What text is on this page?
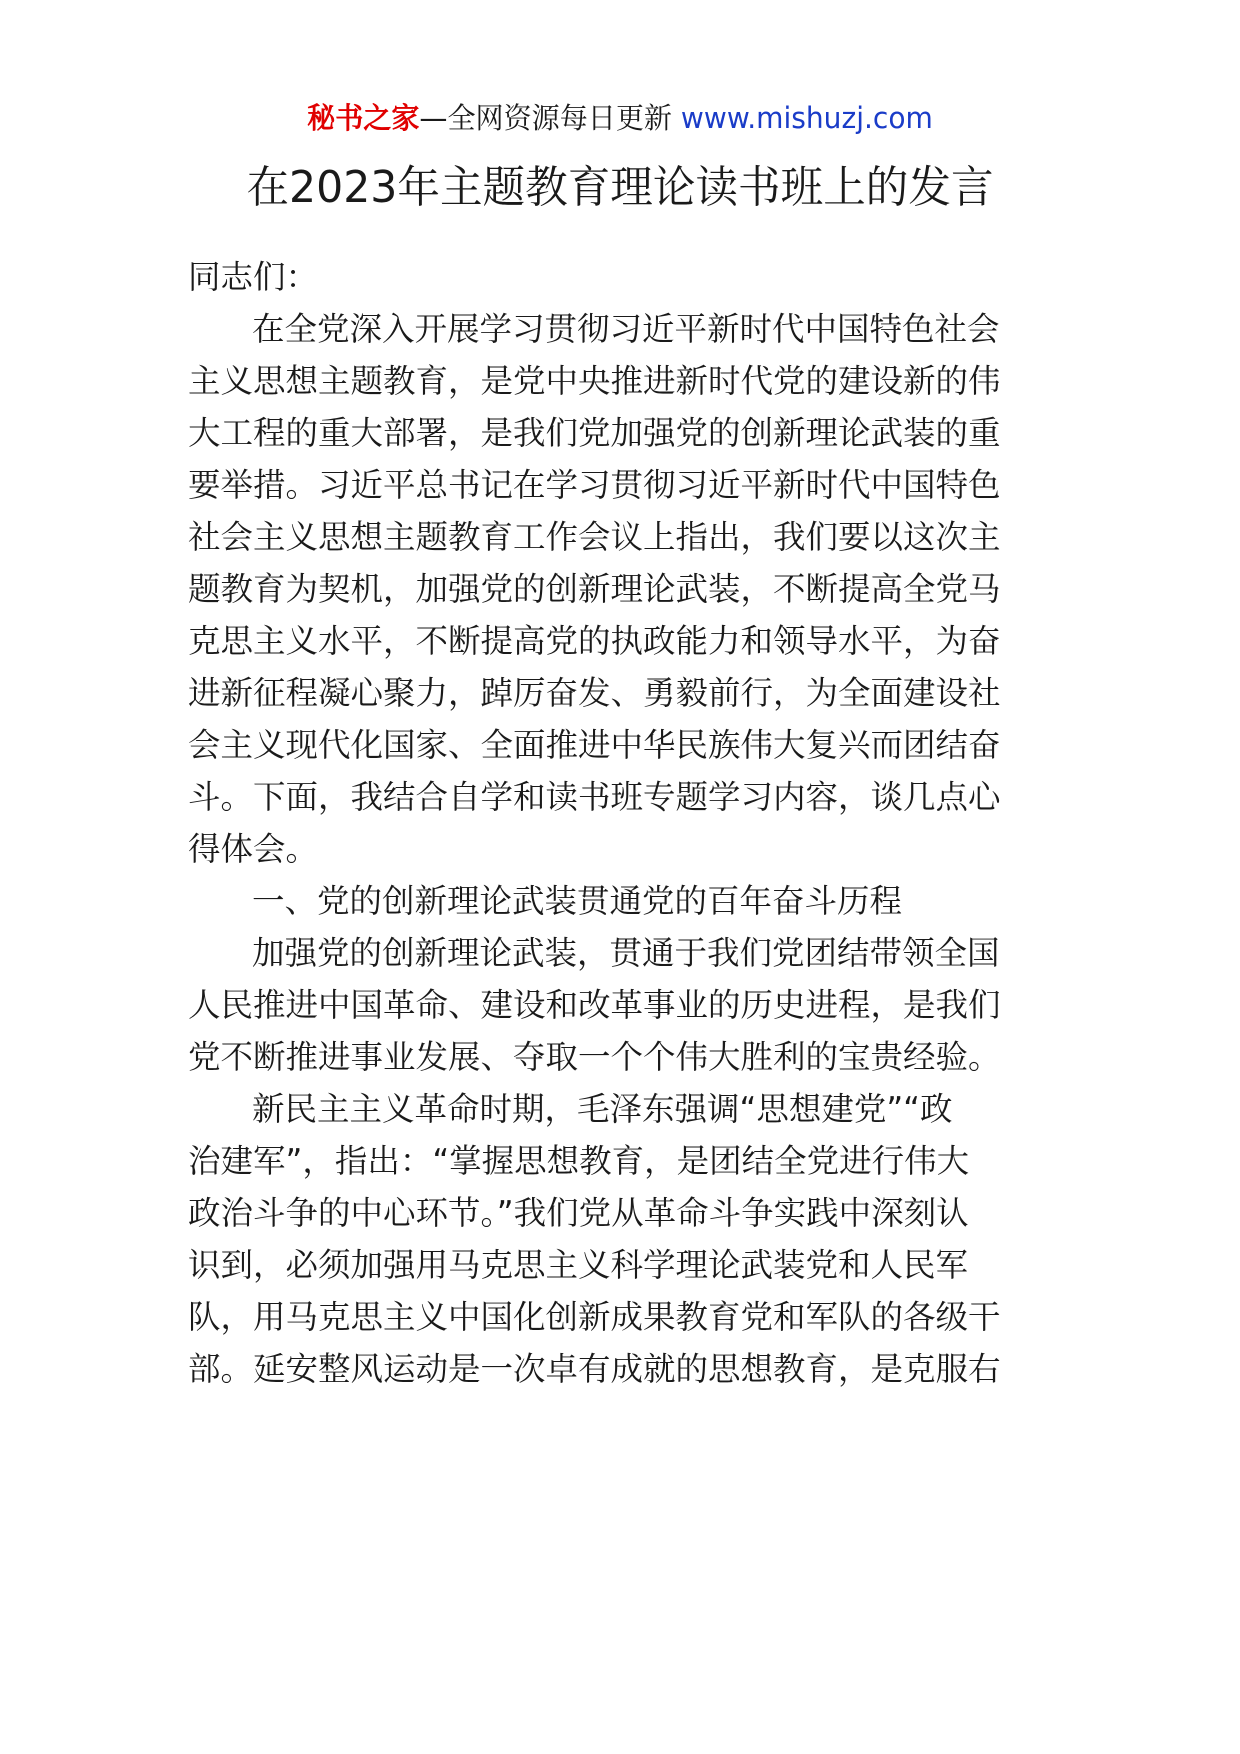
秘书之家—全网资源每日更新 www.mishuzj.com
在2023年主题教育理论读书班上的发言
同志们：
在全党深入开展学习贯彻习近平新时代中国特色社会
主义思想主题教育，是党中央推进新时代党的建设新的伟
大工程的重大部署，是我们党加强党的创新理论武装的重
要举措。习近平总书记在学习贯彻习近平新时代中国特色
社会主义思想主题教育工作会议上指出，我们要以这次主
题教育为契机，加强党的创新理论武装，不断提高全党马
克思主义水平，不断提高党的执政能力和领导水平，为奋
进新征程凝心聚力，踔厉奋发、勇毅前行，为全面建设社
会主义现代化国家、全面推进中华民族伟大复兴而团结奋
斗。下面，我结合自学和读书班专题学习内容，谈几点心
得体会。
一、党的创新理论武装贯通党的百年奋斗历程
加强党的创新理论武装，贯通于我们党团结带领全国
人民推进中国革命、建设和改革事业的历史进程，是我们
党不断推进事业发展、夺取一个个伟大胜利的宝贵经验。
新民主主义革命时期，毛泽东强调“思想建党”“政
治建军”，指出：“掌握思想教育，是团结全党进行伟大
政治斗争的中心环节。”我们党从革命斗争实践中深刻认
识到，必须加强用马克思主义科学理论武装党和人民军
队，用马克思主义中国化创新成果教育党和军队的各级干
部。延安整风运动是一次卓有成就的思想教育，是克服右
